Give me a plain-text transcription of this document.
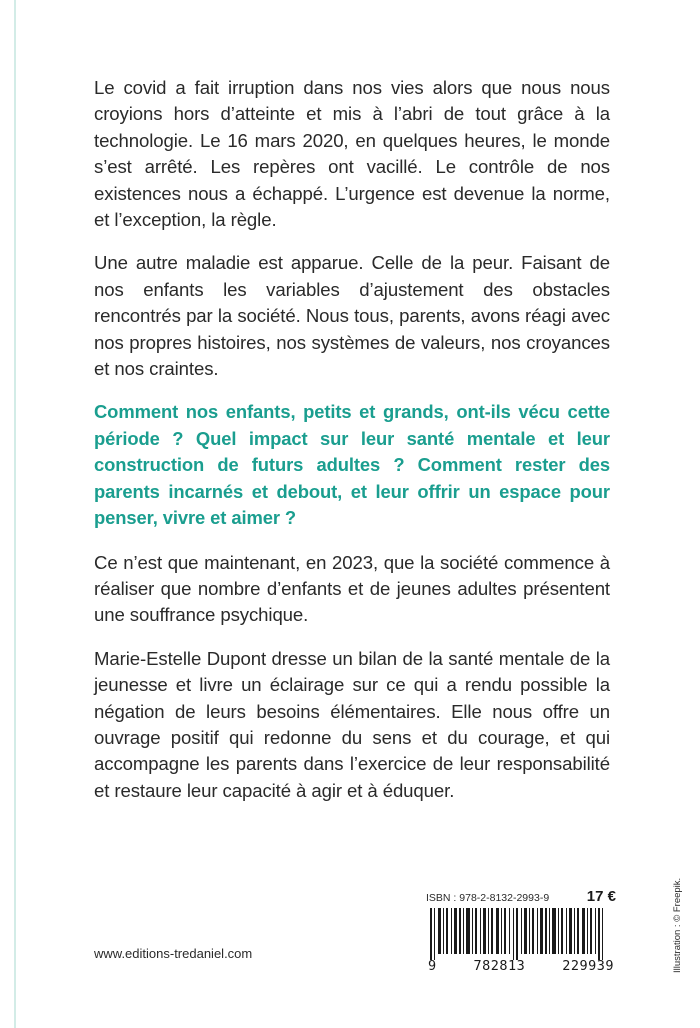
Le covid a fait irruption dans nos vies alors que nous nous croyions hors d’atteinte et mis à l’abri de tout grâce à la technologie. Le 16 mars 2020, en quelques heures, le monde s’est arrêté. Les repères ont vacillé. Le contrôle de nos existences nous a échappé. L’urgence est devenue la norme, et l’exception, la règle.

Une autre maladie est apparue. Celle de la peur. Faisant de nos enfants les variables d’ajustement des obstacles rencontrés par la société. Nous tous, parents, avons réagi avec nos propres histoires, nos systèmes de valeurs, nos croyances et nos craintes.

Comment nos enfants, petits et grands, ont-ils vécu cette période ? Quel impact sur leur santé mentale et leur construction de futurs adultes ? Comment rester des parents incarnés et debout, et leur offrir un espace pour penser, vivre et aimer ?

Ce n’est que maintenant, en 2023, que la société commence à réaliser que nombre d’enfants et de jeunes adultes présentent une souffrance psychique.

Marie-Estelle Dupont dresse un bilan de la santé mentale de la jeunesse et livre un éclairage sur ce qui a rendu possible la négation de leurs besoins élémentaires. Elle nous offre un ouvrage positif qui redonne du sens et du courage, et qui accompagne les parents dans l’exercice de leur responsabilité et restaure leur capacité à agir et à éduquer.

ISBN : 978-2-8132-2993-9	17 €
9	782813	229939
www.editions-tredaniel.com	Illustration : © Freepik.
